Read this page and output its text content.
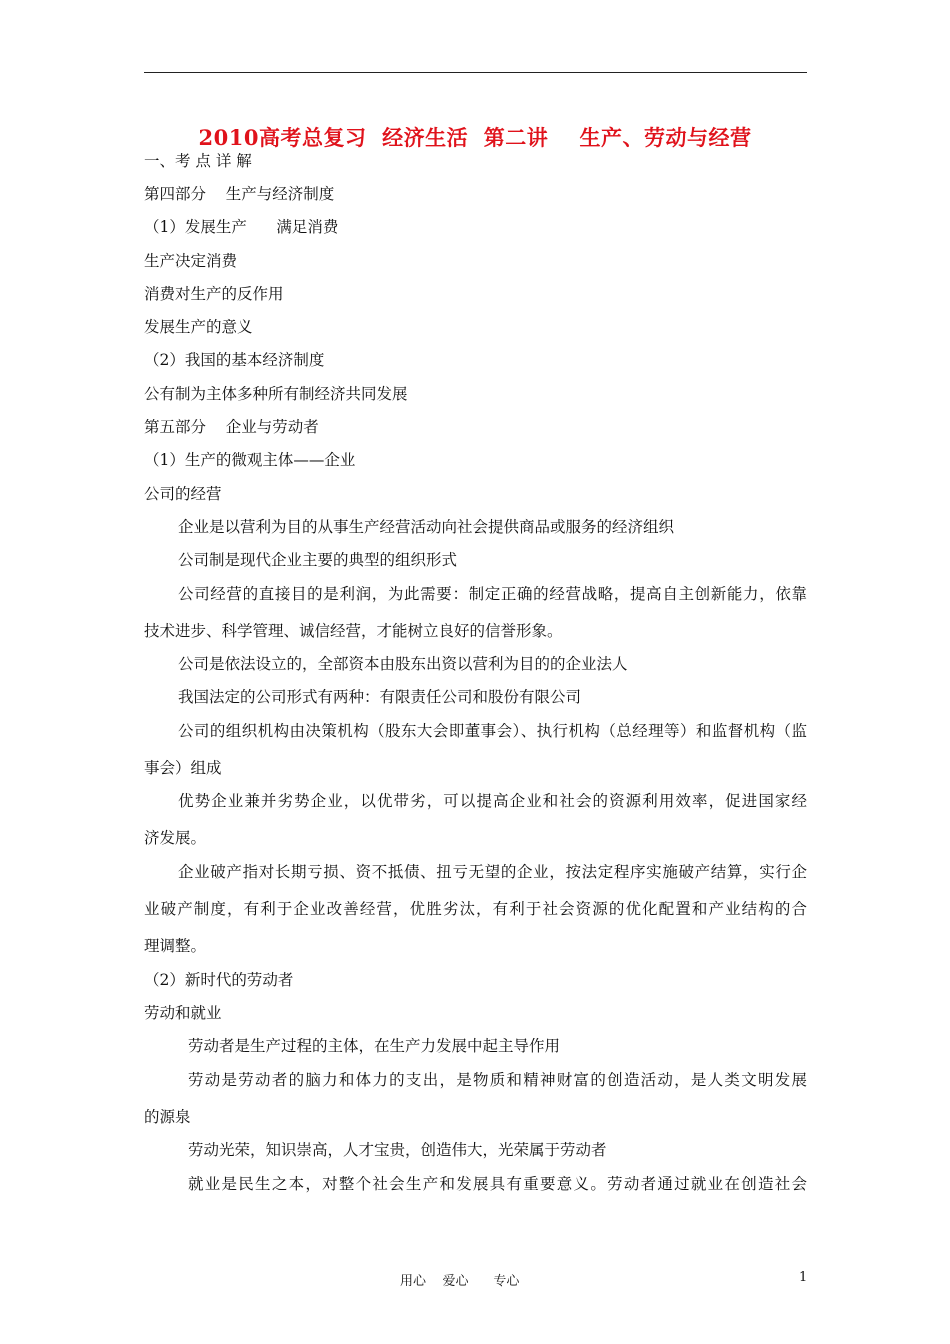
2010高考总复习  经济生活  第二讲    生产、劳动与经营
一、考 点 详 解
第四部分    生产与经济制度
（1）发展生产      满足消费
生产决定消费
消费对生产的反作用
发展生产的意义
（2）我国的基本经济制度
公有制为主体多种所有制经济共同发展
第五部分    企业与劳动者
（1）生产的微观主体——企业
公司的经营
企业是以营利为目的从事生产经营活动向社会提供商品或服务的经济组织
公司制是现代企业主要的典型的组织形式
公司经营的直接目的是利润，为此需要：制定正确的经营战略，提高自主创新能力，依靠
技术进步、科学管理、诚信经营，才能树立良好的信誉形象。
公司是依法设立的，全部资本由股东出资以营利为目的的企业法人
我国法定的公司形式有两种：有限责任公司和股份有限公司
公司的组织机构由决策机构（股东大会即董事会）、执行机构（总经理等）和监督机构（监
事会）组成
优势企业兼并劣势企业，以优带劣，可以提高企业和社会的资源利用效率，促进国家经
济发展。
企业破产指对长期亏损、资不抵债、扭亏无望的企业，按法定程序实施破产结算，实行企
业破产制度，有利于企业改善经营，优胜劣汰，有利于社会资源的优化配置和产业结构的合
理调整。
（2）新时代的劳动者
劳动和就业
劳动者是生产过程的主体，在生产力发展中起主导作用
劳动是劳动者的脑力和体力的支出，是物质和精神财富的创造活动，是人类文明发展
的源泉
劳动光荣，知识崇高，人才宝贵，创造伟大，光荣属于劳动者
就业是民生之本，对整个社会生产和发展具有重要意义。劳动者通过就业在创造社会
用心    爱心      专心	1
